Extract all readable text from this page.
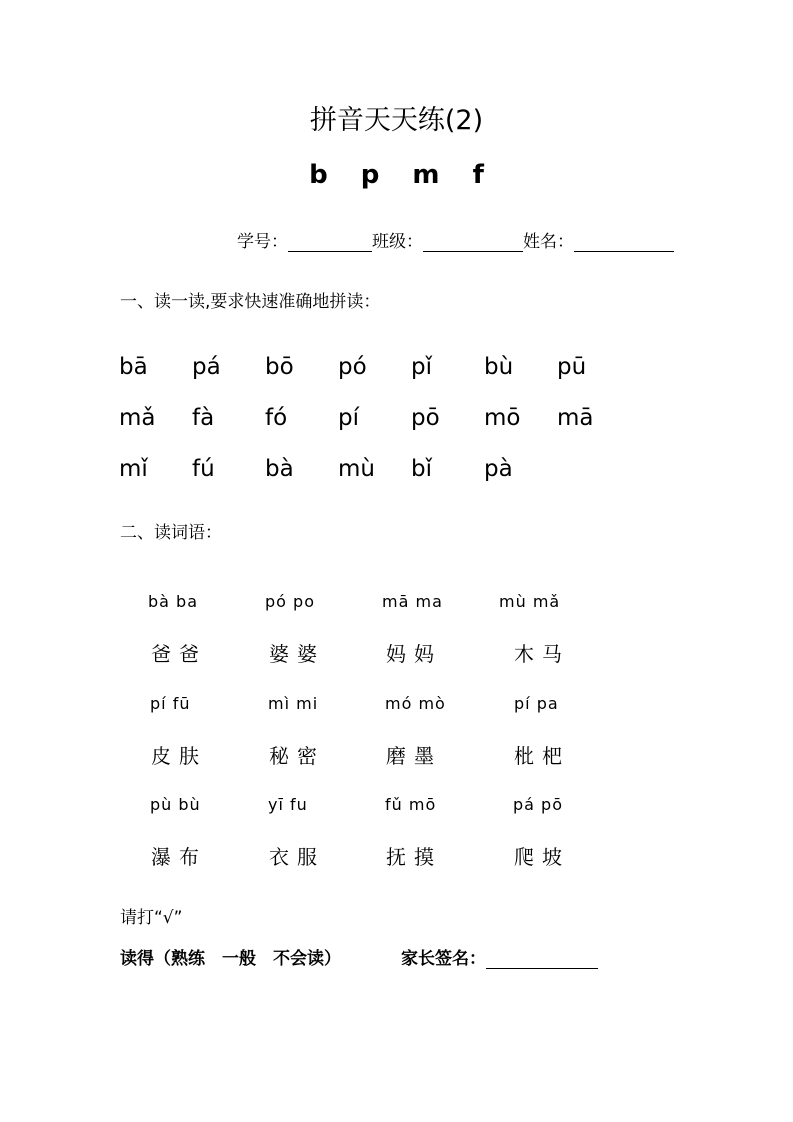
拼音天天练(2)
b p m f
学号：	班级：	姓名：
一、读一读,要求快速准确地拼读：
bā pá bō pó pǐ bù pū
mǎ fà fó pí pō mō mā
mǐ fú bà mù bǐ pà
二、读词语：
bà ba	pó po	mā ma	mù mǎ
爸爸	婆婆	妈妈	木马
pí fū	mì mi	mó mò	pí pa
皮肤	秘密	磨墨	枇杷
pù bù	yī fu	fǔ mō	pá pō
瀑布	衣服	抚摸	爬坡
请打“√”
读得（熟练　一般　不会读）	家长签名：
